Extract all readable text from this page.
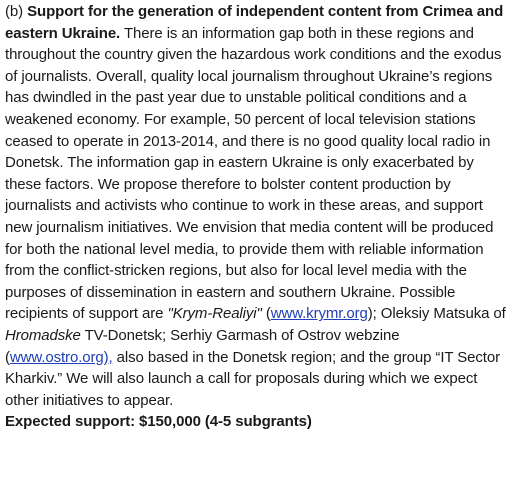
(b) Support for the generation of independent content from Crimea and eastern Ukraine. There is an information gap both in these regions and throughout the country given the hazardous work conditions and the exodus of journalists. Overall, quality local journalism throughout Ukraine’s regions has dwindled in the past year due to unstable political conditions and a weakened economy. For example, 50 percent of local television stations ceased to operate in 2013-2014, and there is no good quality local radio in Donetsk. The information gap in eastern Ukraine is only exacerbated by these factors. We propose therefore to bolster content production by journalists and activists who continue to work in these areas, and support new journalism initiatives. We envision that media content will be produced for both the national level media, to provide them with reliable information from the conflict-stricken regions, but also for local level media with the purposes of dissemination in eastern and southern Ukraine. Possible recipients of support are "Krym-Realiyi" (www.krymr.org); Oleksiy Matsuka of Hromadske TV-Donetsk; Serhiy Garmash of Ostrov webzine (www.ostro.org), also based in the Donetsk region; and the group “IT Sector Kharkiv.” We will also launch a call for proposals during which we expect other initiatives to appear.

Expected support: $150,000 (4-5 subgrants)
